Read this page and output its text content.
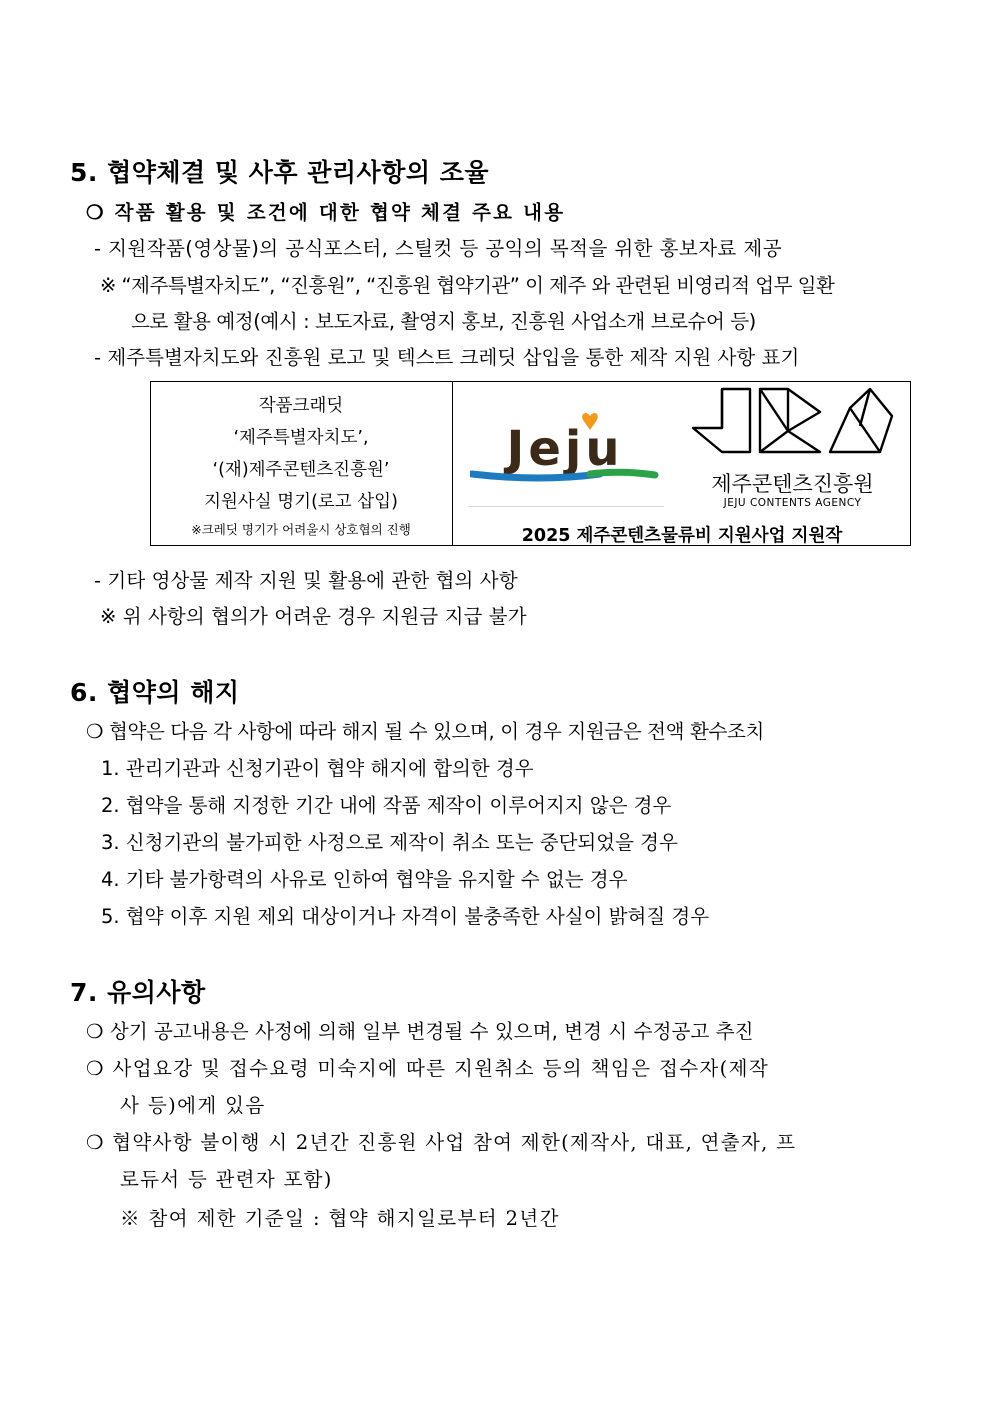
5. 협약체결 및 사후 관리사항의 조율
❍ 작품 활용 및 조건에 대한 협약 체결 주요 내용
- 지원작품(영상물)의 공식포스터, 스틸컷 등 공익의 목적을 위한 홍보자료 제공
※ “제주특별자치도”, “진흥원”, “진흥원 협약기관” 이 제주 와 관련된 비영리적 업무 일환
으로 활용 예정(예시 : 보도자료, 촬영지 홍보, 진흥원 사업소개 브로슈어 등)
- 제주특별자치도와 진흥원 로고 및 텍스트 크레딧 삽입을 통한 제작 지원 사항 표기
작품크래딧
‘제주특별자치도’,
‘(재)제주콘텐츠진흥원’
지원사실 명기(로고 삽입)
※크레딧 명기가 어려울시 상호협의 진행
Jeju
제주콘텐츠진흥원
JEJU CONTENTS AGENCY
2025 제주콘텐츠물류비 지원사업 지원작
- 기타 영상물 제작 지원 및 활용에 관한 협의 사항
※ 위 사항의 협의가 어려운 경우 지원금 지급 불가
6. 협약의 해지
❍ 협약은 다음 각 사항에 따라 해지 될 수 있으며, 이 경우 지원금은 전액 환수조치
1. 관리기관과 신청기관이 협약 해지에 합의한 경우
2. 협약을 통해 지정한 기간 내에 작품 제작이 이루어지지 않은 경우
3. 신청기관의 불가피한 사정으로 제작이 취소 또는 중단되었을 경우
4. 기타 불가항력의 사유로 인하여 협약을 유지할 수 없는 경우
5. 협약 이후 지원 제외 대상이거나 자격이 불충족한 사실이 밝혀질 경우
7. 유의사항
❍ 상기 공고내용은 사정에 의해 일부 변경될 수 있으며, 변경 시 수정공고 추진
❍ 사업요강 및 접수요령 미숙지에 따른 지원취소 등의 책임은 접수자(제작
사 등)에게 있음
❍ 협약사항 불이행 시 2년간 진흥원 사업 참여 제한(제작사, 대표, 연출자, 프
로듀서 등 관련자 포함)
※ 참여 제한 기준일 : 협약 해지일로부터 2년간
